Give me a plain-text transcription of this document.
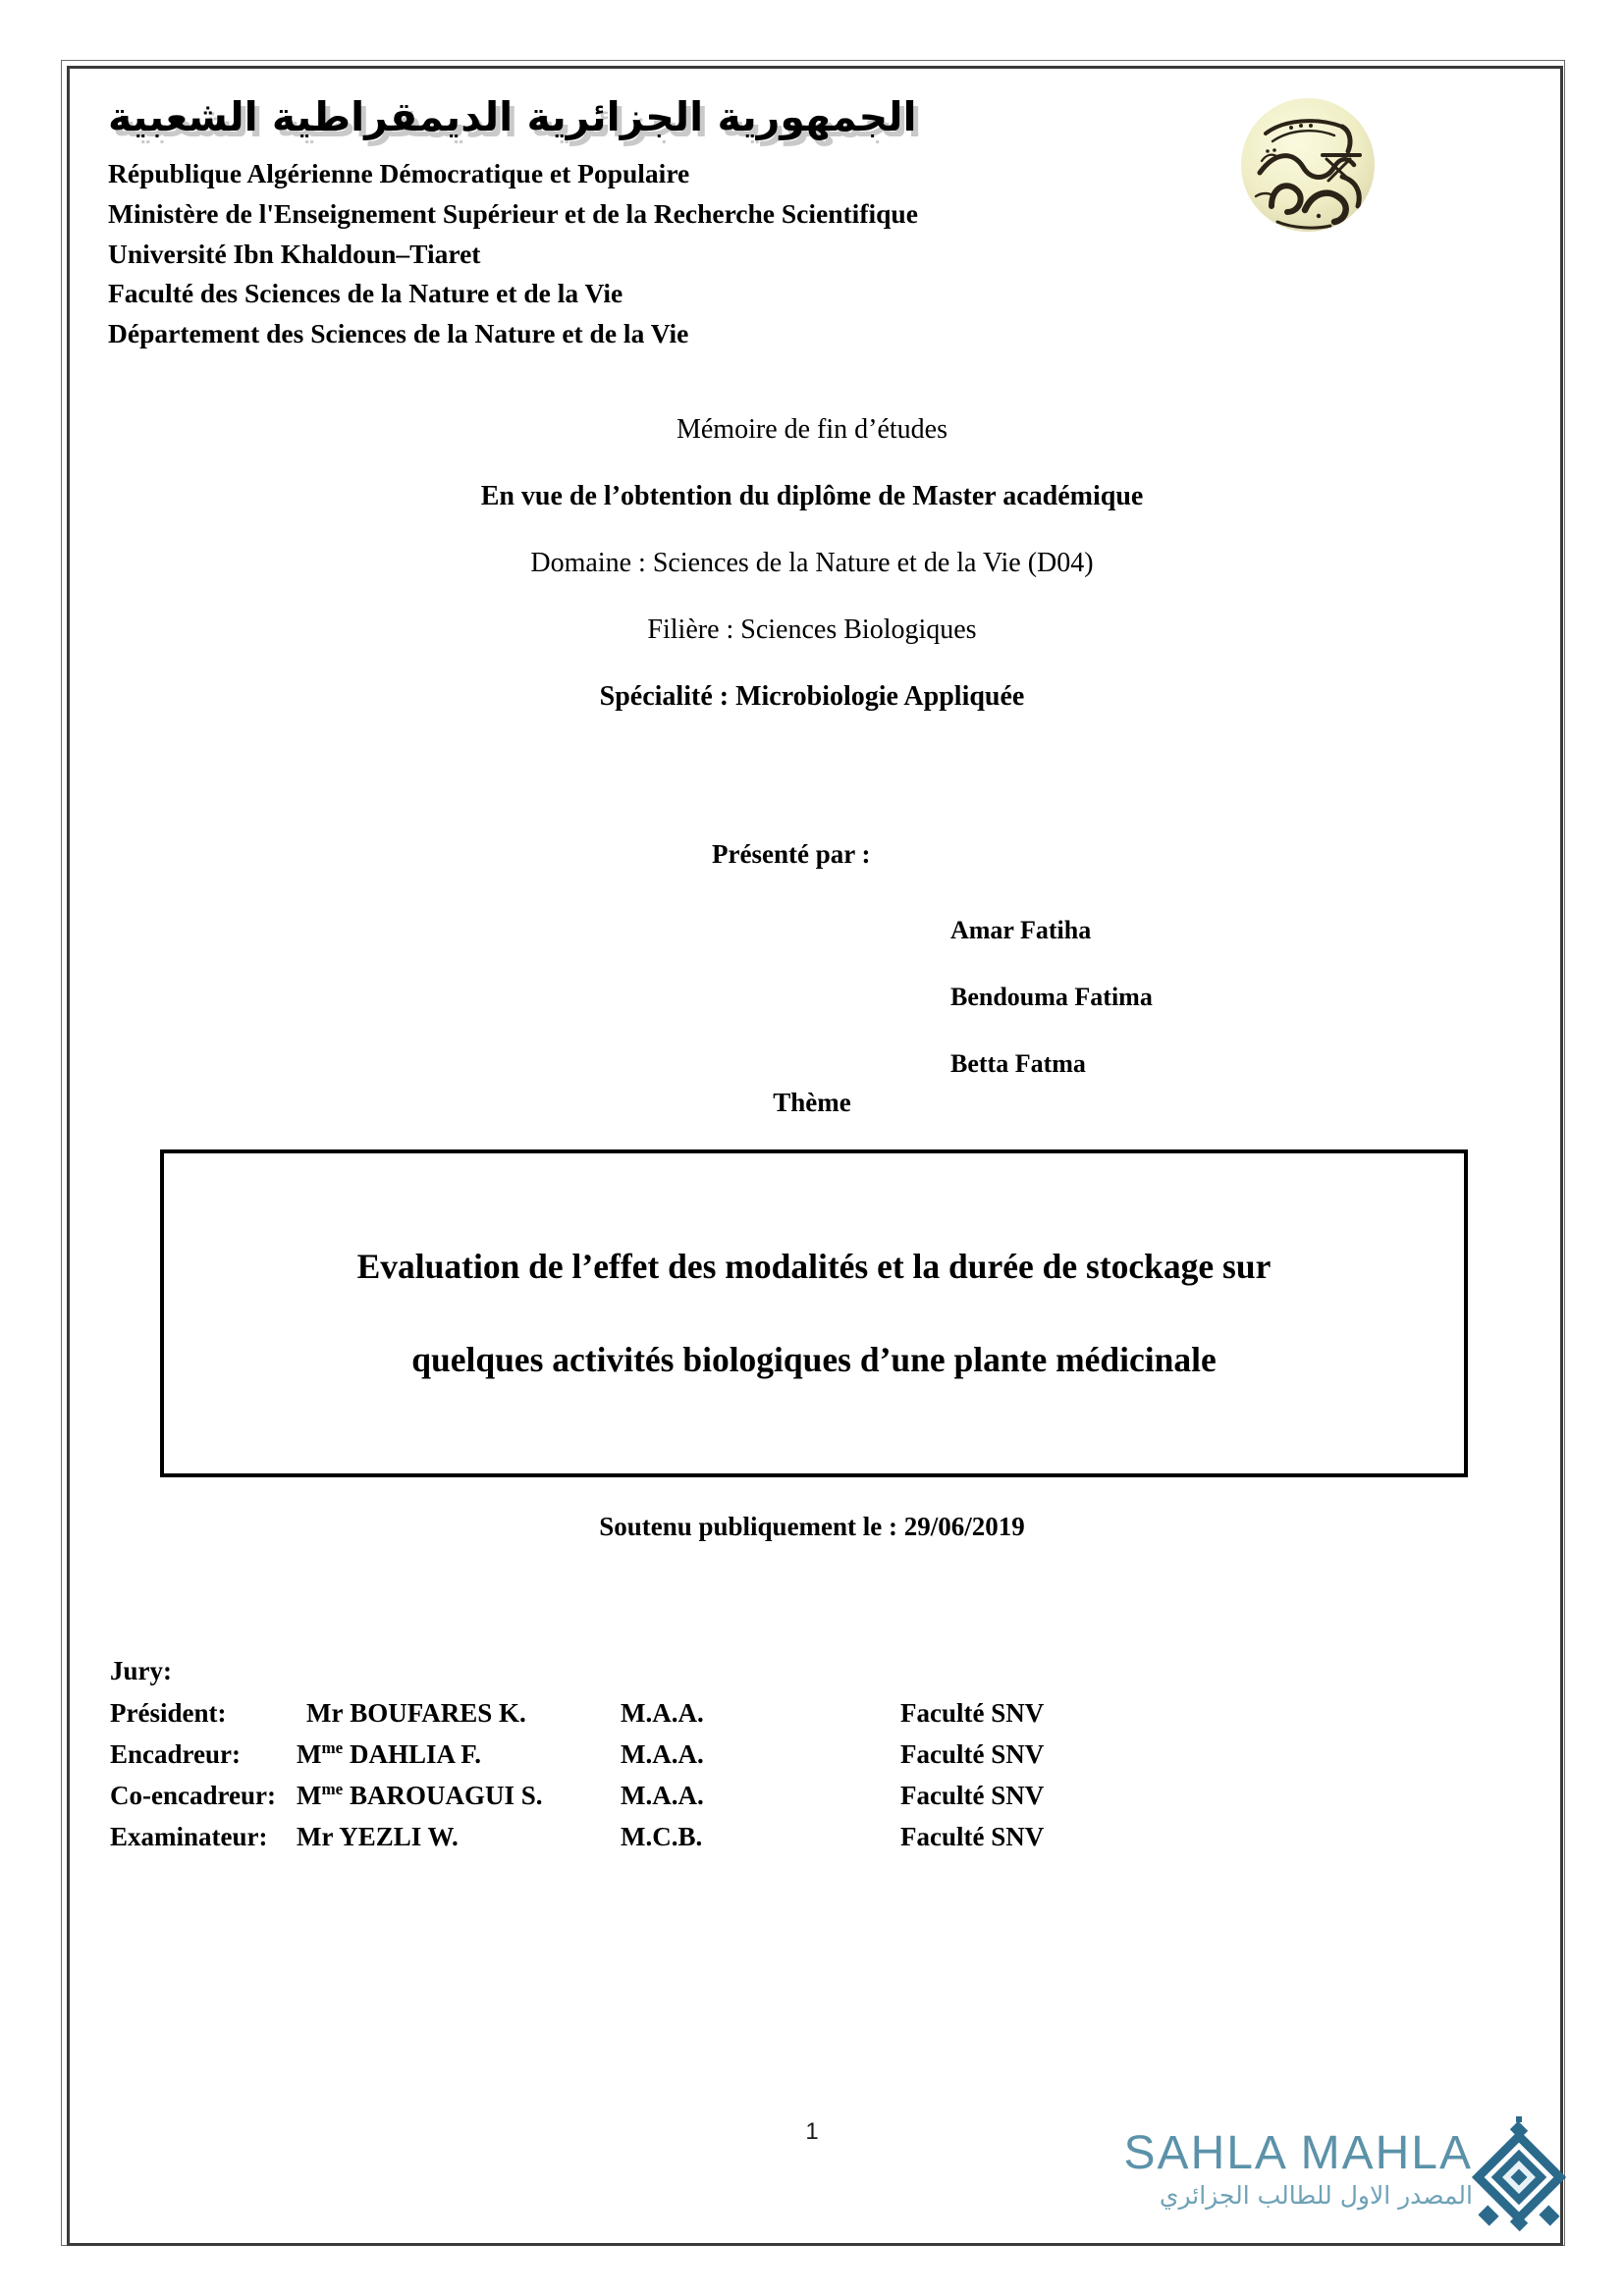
الجمهورية الجزائرية الديمقراطية الشعبية
République Algérienne Démocratique et Populaire
Ministère de l'Enseignement Supérieur et de la Recherche Scientifique
Université Ibn Khaldoun–Tiaret
Faculté des Sciences de la Nature et de la Vie
Département des Sciences de la Nature et de la Vie

Mémoire de fin d’études

En vue de l’obtention du diplôme de Master académique

Domaine : Sciences de la Nature et de la Vie (D04)

Filière : Sciences Biologiques

Spécialité : Microbiologie Appliquée

Présenté par :

Amar Fatiha

Bendouma Fatima

Betta Fatma

Thème

Evaluation de l’effet des modalités et la durée de stockage sur

quelques activités biologiques d’une plante médicinale

Soutenu publiquement le : 29/06/2019
Jury:
Président:	Mr BOUFARES K.	M.A.A.	Faculté SNV
Encadreur:	$M^{me}$ DAHLIA F.	M.A.A.	Faculté SNV
Co-encadreur:	$M^{me}$ BAROUAGUI S.	M.A.A.	Faculté SNV
Examinateur:	Mr YEZLI W.	M.C.B.	Faculté SNV
1	SAHLA MAHLA

المصدر الاول للطالب الجزائري
